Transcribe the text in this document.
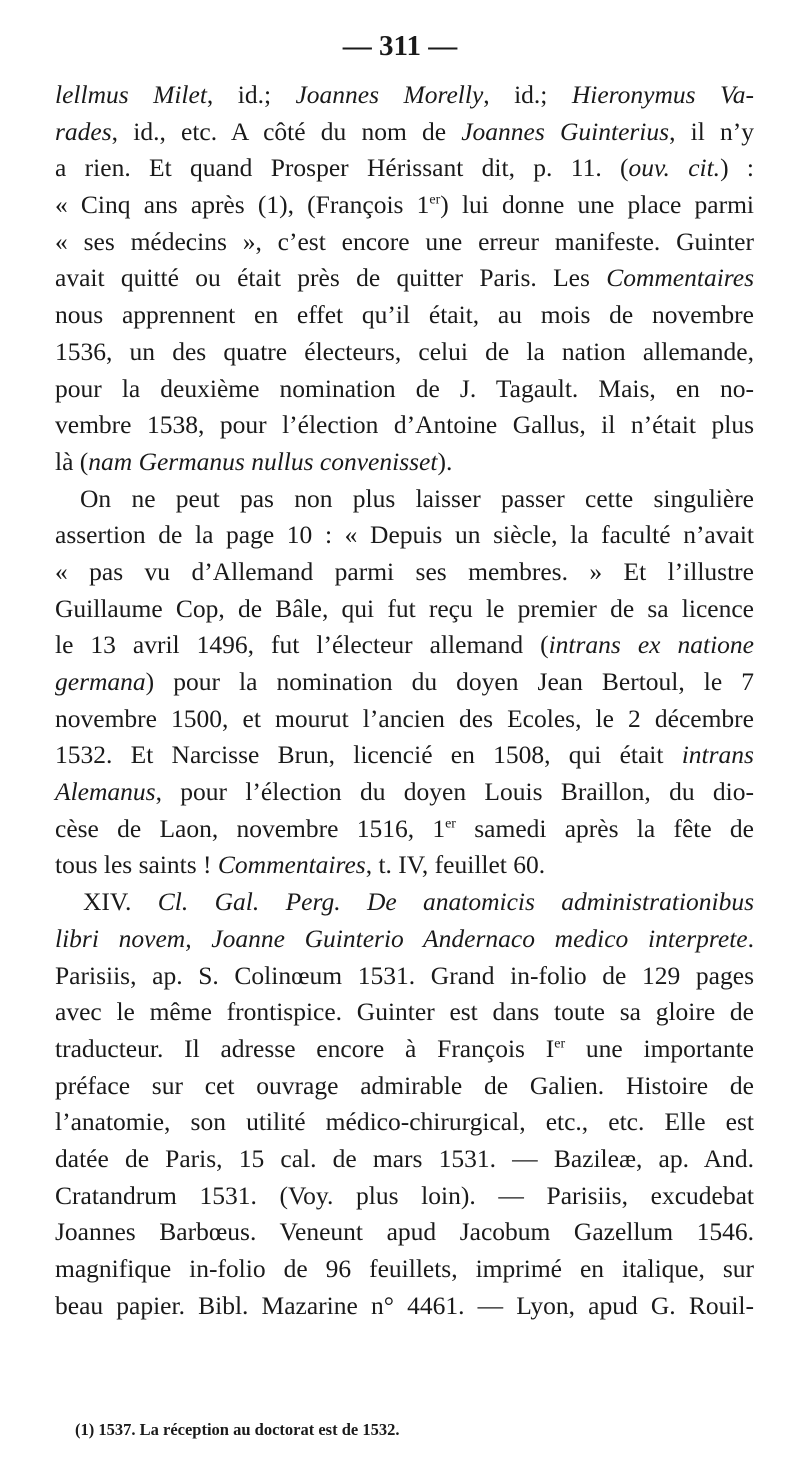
— 311 —
lellmus Milet, id.; Joannes Morelly, id.; Hieronymus Va-
rades, id., etc. A côté du nom de Joannes Guinterius, il n’y
a rien. Et quand Prosper Hérissant dit, p. 11. (ouv. cit.) :
« Cinq ans après (1), (François 1er) lui donne une place parmi
« ses médecins », c’est encore une erreur manifeste. Guinter
avait quitté ou était près de quitter Paris. Les Commentaires
nous apprennent en effet qu’il était, au mois de novembre
1536, un des quatre électeurs, celui de la nation allemande,
pour la deuxième nomination de J. Tagault. Mais, en no-
vembre 1538, pour l’élection d’Antoine Gallus, il n’était plus
là (nam Germanus nullus convenisset).
On ne peut pas non plus laisser passer cette singulière
assertion de la page 10 : « Depuis un siècle, la faculté n’avait
« pas vu d’Allemand parmi ses membres. » Et l’illustre
Guillaume Cop, de Bâle, qui fut reçu le premier de sa licence
le 13 avril 1496, fut l’électeur allemand (intrans ex natione
germana) pour la nomination du doyen Jean Bertoul, le 7
novembre 1500, et mourut l’ancien des Ecoles, le 2 décembre
1532. Et Narcisse Brun, licencié en 1508, qui était intrans
Alemanus, pour l’élection du doyen Louis Braillon, du dio-
cèse de Laon, novembre 1516, 1er samedi après la fête de
tous les saints ! Commentaires, t. IV, feuillet 60.
XIV. Cl. Gal. Perg. De anatomicis administrationibus
libri novem, Joanne Guinterio Andernaco medico interprete.
Parisiis, ap. S. Colinœum 1531. Grand in-folio de 129 pages
avec le même frontispice. Guinter est dans toute sa gloire de
traducteur. Il adresse encore à François Ier une importante
préface sur cet ouvrage admirable de Galien. Histoire de
l’anatomie, son utilité médico-chirurgical, etc., etc. Elle est
datée de Paris, 15 cal. de mars 1531. — Bazileæ, ap. And.
Cratandrum 1531. (Voy. plus loin). — Parisiis, excudebat
Joannes Barbœus. Veneunt apud Jacobum Gazellum 1546.
magnifique in-folio de 96 feuillets, imprimé en italique, sur
beau papier. Bibl. Mazarine n° 4461. — Lyon, apud G. Rouil-
(1) 1537. La réception au doctorat est de 1532.
